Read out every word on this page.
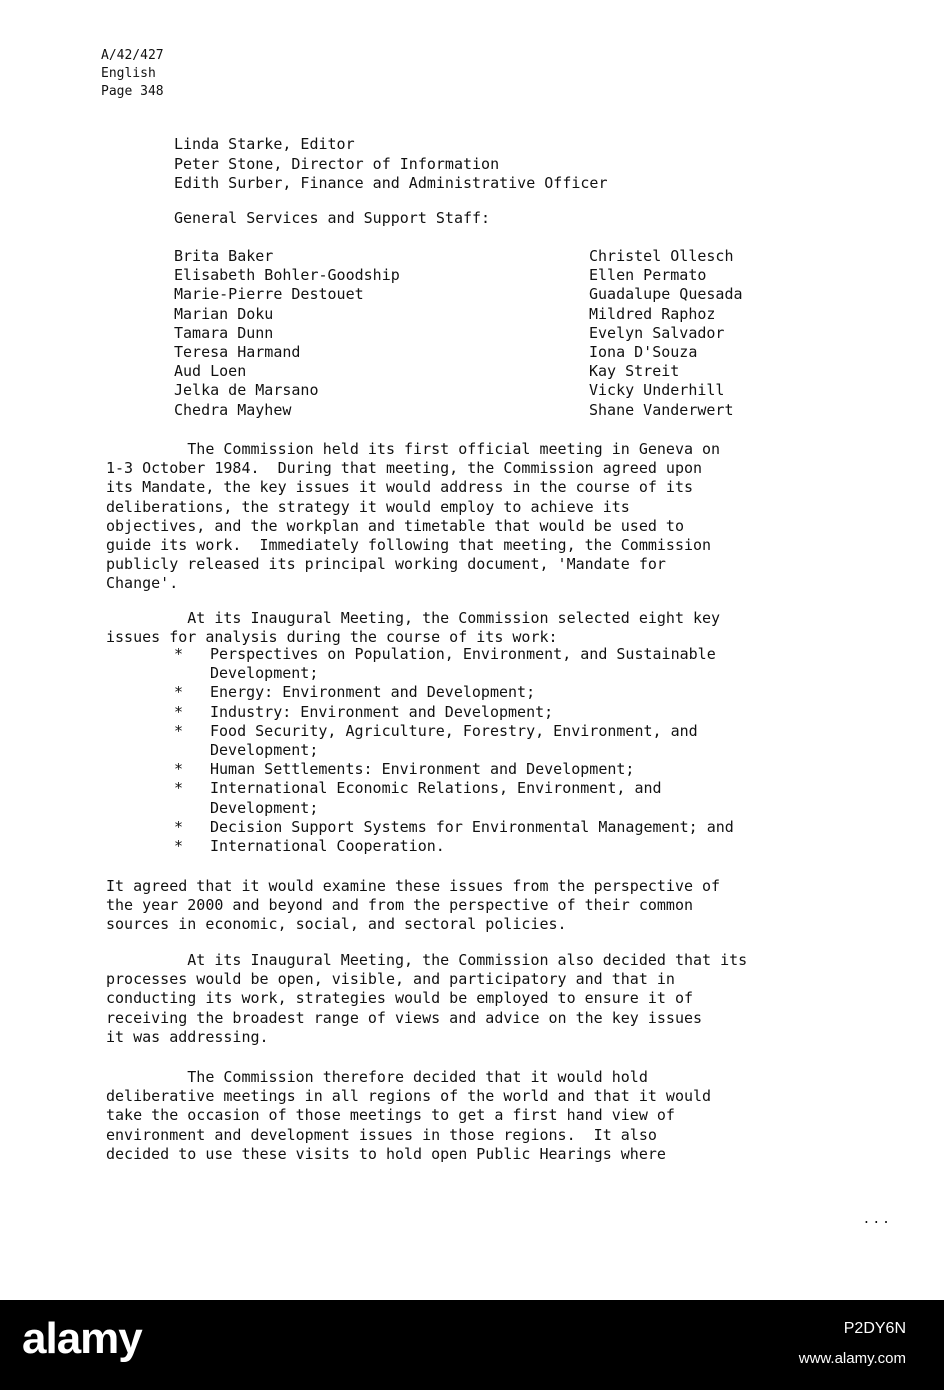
A/42/427
English
Page 348
Linda Starke, Editor
Peter Stone, Director of Information
Edith Surber, Finance and Administrative Officer
General Services and Support Staff:
Brita Baker
Elisabeth Bohler-Goodship
Marie-Pierre Destouet
Marian Doku
Tamara Dunn
Teresa Harmand
Aud Loen
Jelka de Marsano
Chedra Mayhew
Christel Ollesch
Ellen Permato
Guadalupe Quesada
Mildred Raphoz
Evelyn Salvador
Iona D'Souza
Kay Streit
Vicky Underhill
Shane Vanderwert
The Commission held its first official meeting in Geneva on
1-3 October 1984.  During that meeting, the Commission agreed upon
its Mandate, the key issues it would address in the course of its
deliberations, the strategy it would employ to achieve its
objectives, and the workplan and timetable that would be used to
guide its work.  Immediately following that meeting, the Commission
publicly released its principal working document, 'Mandate for
Change'.
At its Inaugural Meeting, the Commission selected eight key
issues for analysis during the course of its work:
* Perspectives on Population, Environment, and Sustainable
Development;
* Energy: Environment and Development;
* Industry: Environment and Development;
* Food Security, Agriculture, Forestry, Environment, and
Development;
* Human Settlements: Environment and Development;
* International Economic Relations, Environment, and
Development;
* Decision Support Systems for Environmental Management; and
* International Cooperation.
It agreed that it would examine these issues from the perspective of
the year 2000 and beyond and from the perspective of their common
sources in economic, social, and sectoral policies.
At its Inaugural Meeting, the Commission also decided that its
processes would be open, visible, and participatory and that in
conducting its work, strategies would be employed to ensure it of
receiving the broadest range of views and advice on the key issues
it was addressing.
The Commission therefore decided that it would hold
deliberative meetings in all regions of the world and that it would
take the occasion of those meetings to get a first hand view of
environment and development issues in those regions.  It also
decided to use these visits to hold open Public Hearings where
...
alamy	P2DY6N
www.alamy.com
